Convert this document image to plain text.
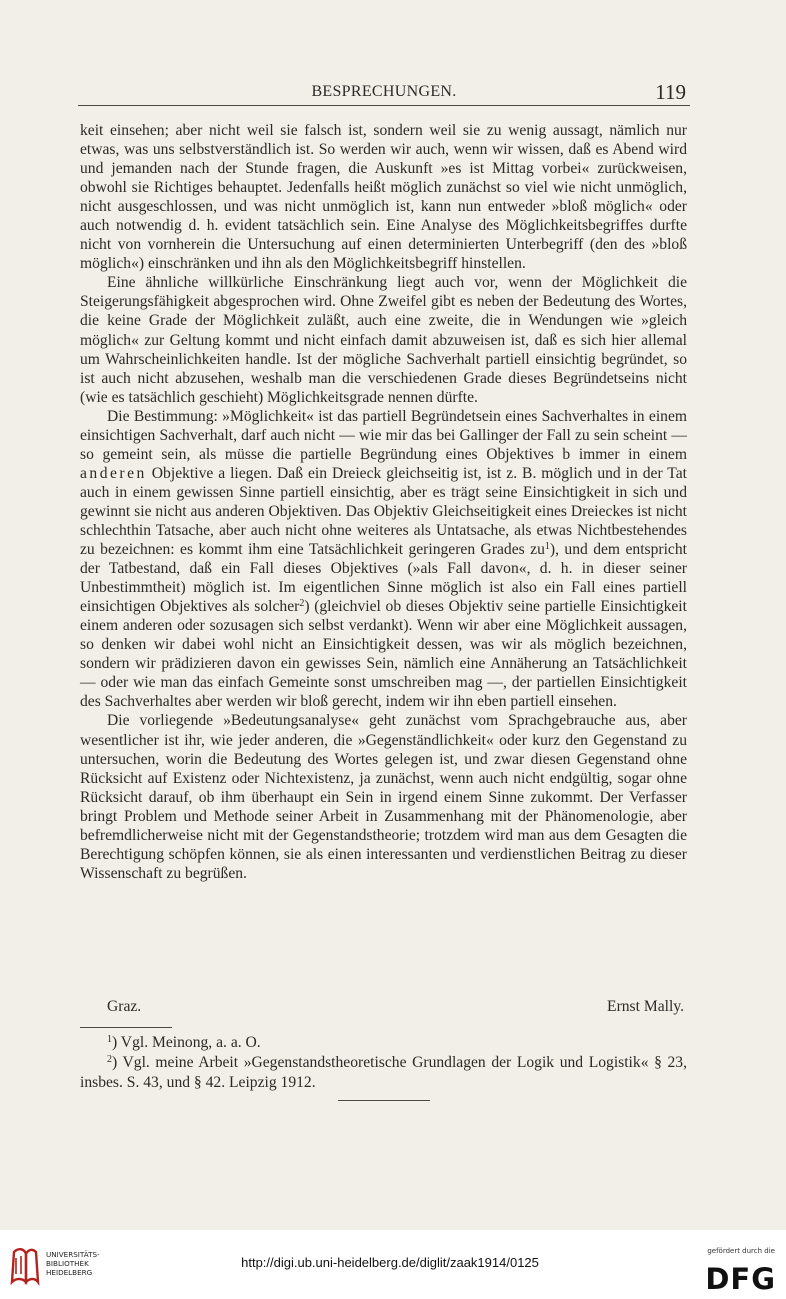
BESPRECHUNGEN.	119

keit einsehen; aber nicht weil sie falsch ist, sondern weil sie zu wenig aussagt, nämlich nur etwas, was uns selbstverständlich ist. So werden wir auch, wenn wir wissen, daß es Abend wird und jemanden nach der Stunde fragen, die Auskunft »es ist Mittag vorbei« zurückweisen, obwohl sie Richtiges behauptet. Jedenfalls heißt möglich zunächst so viel wie nicht unmöglich, nicht ausgeschlossen, und was nicht unmöglich ist, kann nun entweder »bloß möglich« oder auch notwendig d. h. evident tatsächlich sein. Eine Analyse des Möglichkeitsbegriffes durfte nicht von vornherein die Untersuchung auf einen determinierten Unterbegriff (den des »bloß möglich«) einschränken und ihn als den Möglichkeitsbegriff hinstellen.

Eine ähnliche willkürliche Einschränkung liegt auch vor, wenn der Möglichkeit die Steigerungsfähigkeit abgesprochen wird. Ohne Zweifel gibt es neben der Bedeutung des Wortes, die keine Grade der Möglichkeit zuläßt, auch eine zweite, die in Wendungen wie »gleich möglich« zur Geltung kommt und nicht einfach damit abzuweisen ist, daß es sich hier allemal um Wahrscheinlichkeiten handle. Ist der mögliche Sachverhalt partiell einsichtig begründet, so ist auch nicht abzusehen, weshalb man die verschiedenen Grade dieses Begründetseins nicht (wie es tatsächlich geschieht) Möglichkeitsgrade nennen dürfte.

Die Bestimmung: »Möglichkeit« ist das partiell Begründetsein eines Sachverhaltes in einem einsichtigen Sachverhalt, darf auch nicht — wie mir das bei Gallinger der Fall zu sein scheint — so gemeint sein, als müsse die partielle Begründung eines Objektives b immer in einem anderen Objektive a liegen. Daß ein Dreieck gleichseitig ist, ist z. B. möglich und in der Tat auch in einem gewissen Sinne partiell einsichtig, aber es trägt seine Einsichtigkeit in sich und gewinnt sie nicht aus anderen Objektiven. Das Objektiv Gleichseitigkeit eines Dreieckes ist nicht schlechthin Tatsache, aber auch nicht ohne weiteres als Untatsache, als etwas Nichtbestehendes zu bezeichnen: es kommt ihm eine Tatsächlichkeit geringeren Grades $zu^1$), und dem entspricht der Tatbestand, daß ein Fall dieses Objektives (»als Fall davon«, d. h. in dieser seiner Unbestimmtheit) möglich ist. Im eigentlichen Sinne möglich ist also ein Fall eines partiell einsichtigen Objektives als solcher$^2$) (gleichviel ob dieses Objektiv seine partielle Einsichtigkeit einem anderen oder sozusagen sich selbst verdankt). Wenn wir aber eine Möglichkeit aussagen, so denken wir dabei wohl nicht an Einsichtigkeit dessen, was wir als möglich bezeichnen, sondern wir prädizieren davon ein gewisses Sein, nämlich eine Annäherung an Tatsächlichkeit — oder wie man das einfach Gemeinte sonst umschreiben mag —, der partiellen Einsichtigkeit des Sachverhaltes aber werden wir bloß gerecht, indem wir ihn eben partiell einsehen.

Die vorliegende »Bedeutungsanalyse« geht zunächst vom Sprachgebrauche aus, aber wesentlicher ist ihr, wie jeder anderen, die »Gegenständlichkeit« oder kurz den Gegenstand zu untersuchen, worin die Bedeutung des Wortes gelegen ist, und zwar diesen Gegenstand ohne Rücksicht auf Existenz oder Nichtexistenz, ja zunächst, wenn auch nicht endgültig, sogar ohne Rücksicht darauf, ob ihm überhaupt ein Sein in irgend einem Sinne zukommt. Der Verfasser bringt Problem und Methode seiner Arbeit in Zusammenhang mit der Phänomenologie, aber befremdlicherweise nicht mit der Gegenstandstheorie; trotzdem wird man aus dem Gesagten die Berechtigung schöpfen können, sie als einen interessanten und verdienstlichen Beitrag zu dieser Wissenschaft zu begrüßen.

Graz.	Ernst Mally.

$^1$) Vgl. Meinong, a. a. O.

$^2$) Vgl. meine Arbeit »Gegenstandstheoretische Grundlagen der Logik und Logistik« § 23, insbes. S. 43, und § 42. Leipzig 1912.

UNIVERSITÄTS-
BIBLIOTHEK
HEIDELBERG
http://digi.ub.uni-heidelberg.de/diglit/zaak1914/0125
gefördert durch die
DFG
